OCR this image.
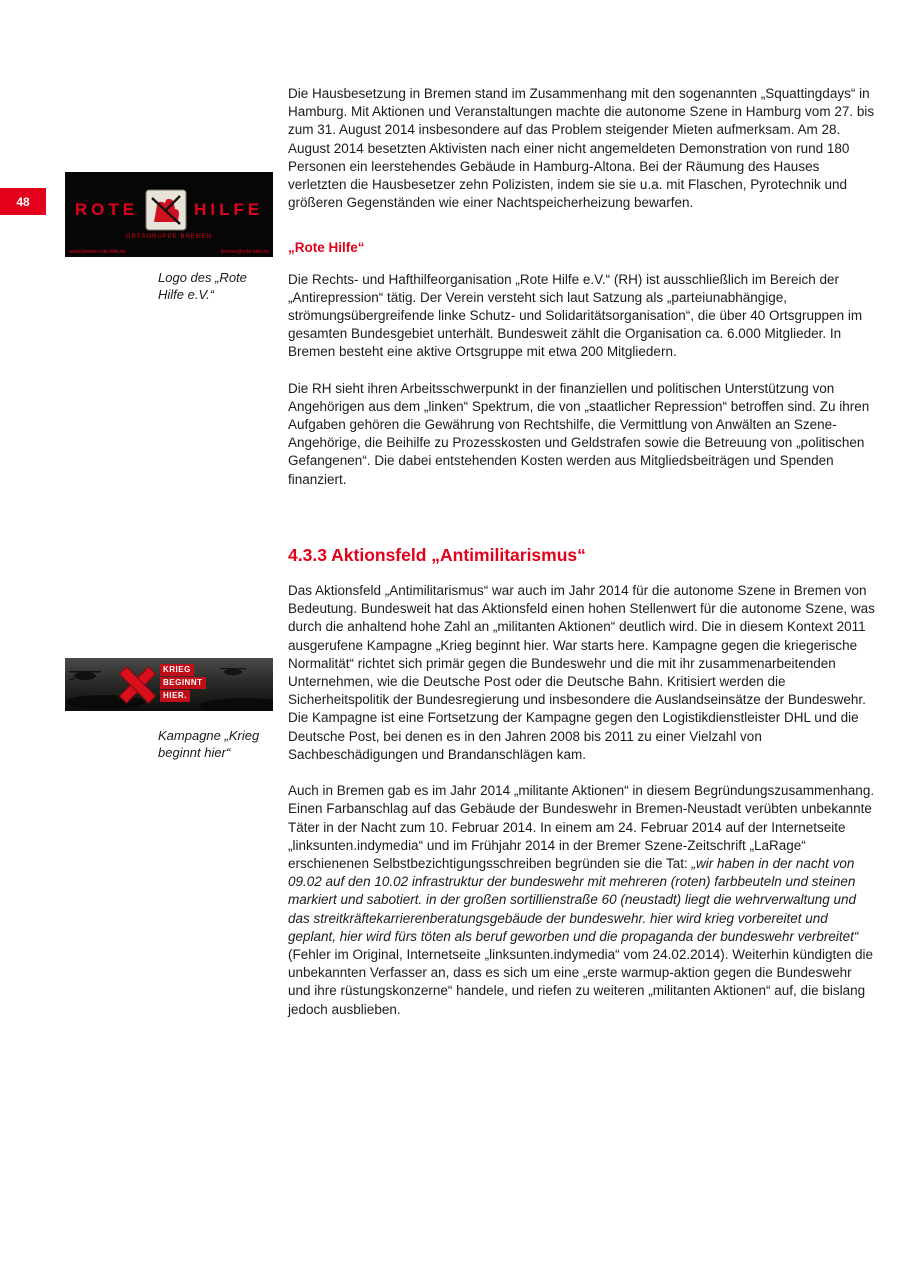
48	ROTE	HILFE
ORTSGRUPPE BREMEN
www.bremen.rote-hilfe.de	bremen@rote-hilfe.de
Logo des „Rote Hilfe e.V.“
KRIEG
BEGINNT
HIER.
Kampagne „Krieg beginnt hier“

Die Hausbesetzung in Bremen stand im Zusammenhang mit den sogenannten „Squattingdays“ in Hamburg. Mit Aktionen und Veranstaltungen machte die autonome Szene in Hamburg vom 27. bis zum 31. August 2014 insbesondere auf das Problem steigender Mieten aufmerksam. Am 28. August 2014 besetzten Aktivisten nach einer nicht angemeldeten Demonstration von rund 180 Personen ein leerstehendes Gebäude in Hamburg-Altona. Bei der Räumung des Hauses verletzten die Hausbesetzer zehn Polizisten, indem sie sie u.a. mit Flaschen, Pyrotechnik und größeren Gegenständen wie einer Nachtspeicherheizung bewarfen.

„Rote Hilfe“

Die Rechts- und Hafthilfeorganisation „Rote Hilfe e.V.“ (RH) ist ausschließlich im Bereich der „Antirepression“ tätig. Der Verein versteht sich laut Satzung als „parteiunabhängige, strömungsübergreifende linke Schutz- und Solidaritätsorganisation“, die über 40 Ortsgruppen im gesamten Bundesgebiet unterhält. Bundesweit zählt die Organisation ca. 6.000 Mitglieder. In Bremen besteht eine aktive Ortsgruppe mit etwa 200 Mitgliedern.

Die RH sieht ihren Arbeitsschwerpunkt in der finanziellen und politischen Unterstützung von Angehörigen aus dem „linken“ Spektrum, die von „staatlicher Repression“ betroffen sind. Zu ihren Aufgaben gehören die Gewährung von Rechtshilfe, die Vermittlung von Anwälten an Szene-Angehörige, die Beihilfe zu Prozesskosten und Geldstrafen sowie die Betreuung von „politischen Gefangenen“. Die dabei entstehenden Kosten werden aus Mitgliedsbeiträgen und Spenden finanziert.

4.3.3 Aktionsfeld „Antimilitarismus“

Das Aktionsfeld „Antimilitarismus“ war auch im Jahr 2014 für die autonome Szene in Bremen von Bedeutung. Bundesweit hat das Aktionsfeld einen hohen Stellenwert für die autonome Szene, was durch die anhaltend hohe Zahl an „militanten Aktionen“ deutlich wird. Die in diesem Kontext 2011 ausgerufene Kampagne „Krieg beginnt hier. War starts here. Kampagne gegen die kriegerische Normalität“ richtet sich primär gegen die Bundeswehr und die mit ihr zusammenarbeitenden Unternehmen, wie die Deutsche Post oder die Deutsche Bahn. Kritisiert werden die Sicherheitspolitik der Bundesregierung und insbesondere die Auslandseinsätze der Bundeswehr. Die Kampagne ist eine Fortsetzung der Kampagne gegen den Logistikdienstleister DHL und die Deutsche Post, bei denen es in den Jahren 2008 bis 2011 zu einer Vielzahl von Sachbeschädigungen und Brandanschlägen kam.

Auch in Bremen gab es im Jahr 2014 „militante Aktionen“ in diesem Begründungszusammenhang. Einen Farbanschlag auf das Gebäude der Bundeswehr in Bremen-Neustadt verübten unbekannte Täter in der Nacht zum 10. Februar 2014. In einem am 24. Februar 2014 auf der Internetseite „linksunten.indymedia“ und im Frühjahr 2014 in der Bremer Szene-Zeitschrift „LaRage“ erschienenen Selbstbezichtigungsschreiben begründen sie die Tat: „wir haben in der nacht von 09.02 auf den 10.02 infrastruktur der bundeswehr mit mehreren (roten) farbbeuteln und steinen markiert und sabotiert. in der großen sortillienstraße 60 (neustadt) liegt die wehrverwaltung und das streitkräftekarrierenberatungsgebäude der bundeswehr. hier wird krieg vorbereitet und geplant, hier wird fürs töten als beruf geworben und die propaganda der bundeswehr verbreitet“ (Fehler im Original, Internetseite „linksunten.indymedia“ vom 24.02.2014). Weiterhin kündigten die unbekannten Verfasser an, dass es sich um eine „erste warmup-aktion gegen die Bundeswehr und ihre rüstungskonzerne“ handele, und riefen zu weiteren „militanten Aktionen“ auf, die bislang jedoch ausblieben.
